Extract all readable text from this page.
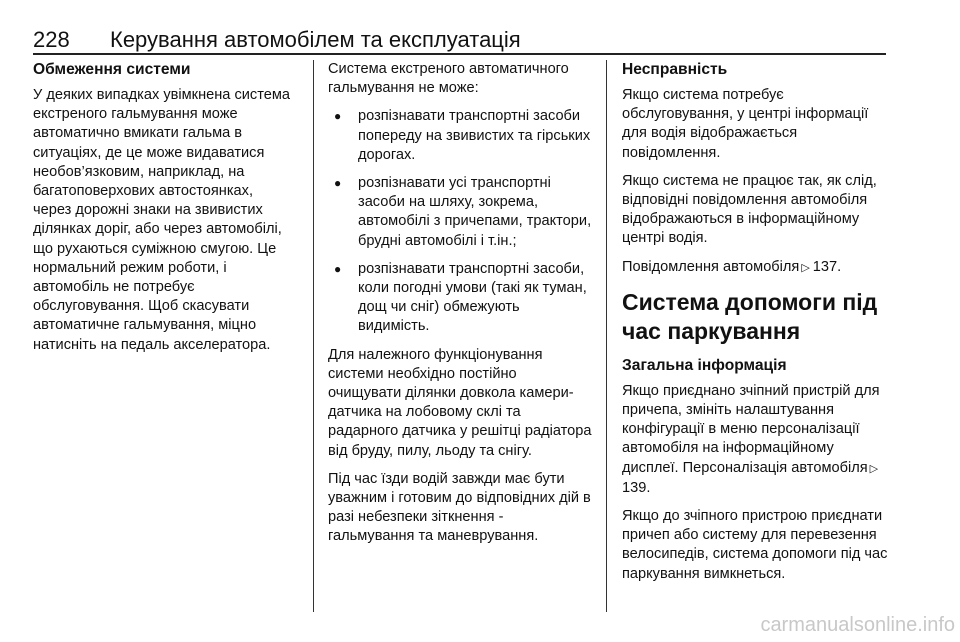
228 Керування автомобілем та експлуатація
Обмеження системи

У деяких випадках увімкнена система екстреного гальмування може автоматично вмикати гальма в ситуаціях, де це може видаватися необов’язковим, наприклад, на багатоповерхових автостоянках, через дорожні знаки на звивистих ділянках доріг, або через автомобілі, що рухаються суміжною смугою. Це нормальний режим роботи, і автомобіль не потребує обслуговування. Щоб скасувати автоматичне гальмування, міцно натисніть на педаль акселератора.

Система екстреного автоматичного гальмування не може:

● розпізнавати транспортні засоби попереду на звивистих та гірських дорогах.
● розпізнавати усі транспортні засоби на шляху, зокрема, автомобілі з причепами, трактори, брудні автомобілі і т.ін.;
● розпізнавати транспортні засоби, коли погодні умови (такі як туман, дощ чи сніг) обмежують видимість.

Для належного функціонування системи необхідно постійно очищувати ділянки довкола камери-датчика на лобовому склі та радарного датчика у решітці радіатора від бруду, пилу, льоду та снігу.

Під час їзди водій завжди має бути уважним і готовим до відповідних дій в разі небезпеки зіткнення - гальмування та маневрування.

Несправність

Якщо система потребує обслуговування, у центрі інформації для водія відображається повідомлення.

Якщо система не працює так, як слід, відповідні повідомлення автомобіля відображаються в інформаційному центрі водія.

Повідомлення автомобіля ▷ 137.

Система допомоги під час паркування
Загальна інформація

Якщо приєднано зчіпний пристрій для причепа, змініть налаштування конфігурації в меню персоналізації автомобіля на інформаційному дисплеї. Персоналізація автомобіля ▷139.

Якщо до зчіпного пристрою приєднати причеп або систему для перевезення велосипедів, система допомоги під час паркування вимкнеться.

carmanualsonline.info
